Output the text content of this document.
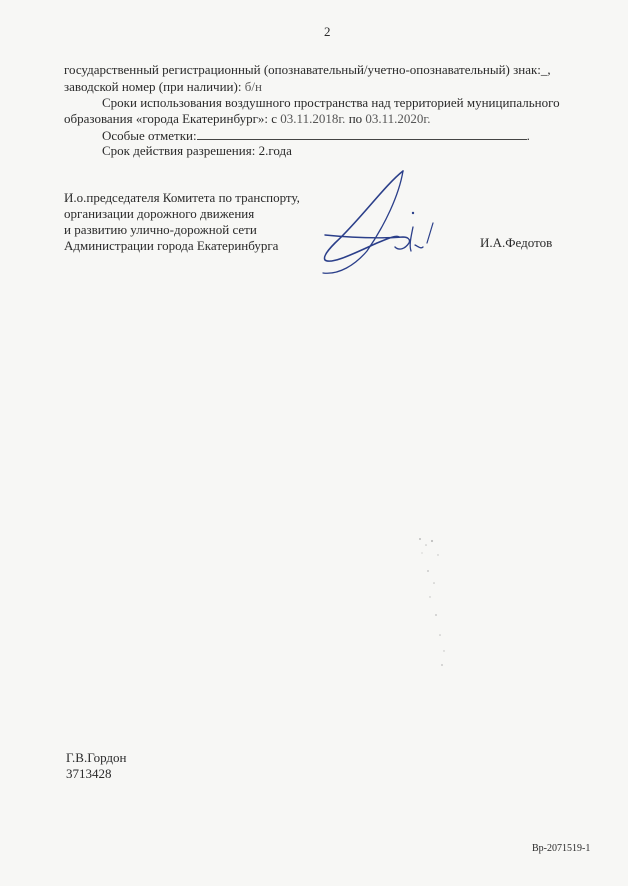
2
государственный регистрационный (опознавательный/учетно-опознавательный) знак:_,
заводской номер (при наличии): б/н
Сроки использования воздушного пространства над территорией муниципального
образования «города Екатеринбург»: с 03.11.2018г. по 03.11.2020г.
Особые отметки:	.
Срок действия разрешения: 2.года
И.о.председателя Комитета по транспорту,
организации дорожного движения
и развитию улично-дорожной сети
Администрации города Екатеринбурга	И.А.Федотов
Г.В.Гордон
3713428
Вр-2071519-1
